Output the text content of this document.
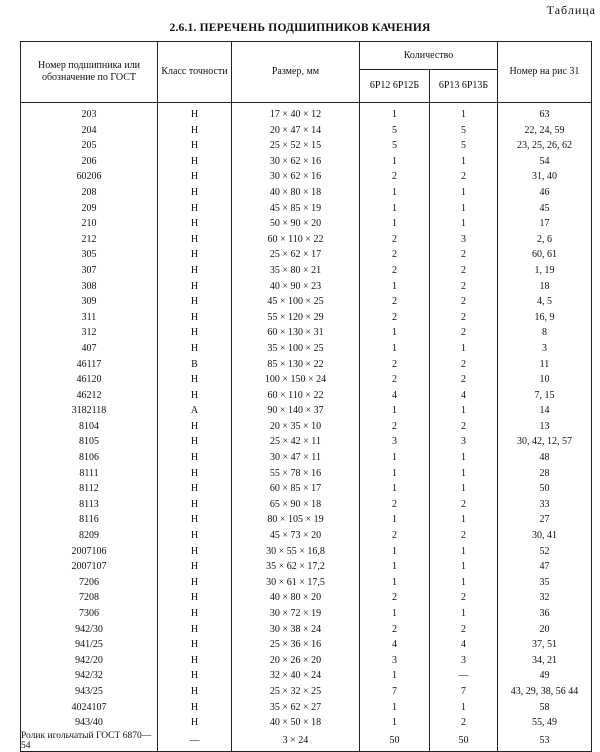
Таблица
2.6.1. ПЕРЕЧЕНЬ ПОДШИПНИКОВ КАЧЕНИЯ
Номер подшипника или обозначение по ГОСТ	Класс точности	Размер, мм	Количество		Номер на рис 31
			6Р12 6Р12Б	6Р13 6Р13Б	
203	Н	17 × 40 × 12	1	1	63
204	Н	20 × 47 × 14	5	5	22, 24, 59
205	Н	25 × 52 × 15	5	5	23, 25, 26, 62
206	Н	30 × 62 × 16	1	1	54
60206	Н	30 × 62 × 16	2	2	31, 40
208	Н	40 × 80 × 18	1	1	46
209	Н	45 × 85 × 19	1	1	45
210	Н	50 × 90 × 20	1	1	17
212	Н	60 × 110 × 22	2	3	2, 6
305	Н	25 × 62 × 17	2	2	60, 61
307	Н	35 × 80 × 21	2	2	1, 19
308	Н	40 × 90 × 23	1	2	18
309	Н	45 × 100 × 25	2	2	4, 5
311	Н	55 × 120 × 29	2	2	16, 9
312	Н	60 × 130 × 31	1	2	8
407	Н	35 × 100 × 25	1	1	3
46117	В	85 × 130 × 22	2	2	11
46120	Н	100 × 150 × 24	2	2	10
46212	Н	60 × 110 × 22	4	4	7, 15
3182118	А	90 × 140 × 37	1	1	14
8104	Н	20 × 35 × 10	2	2	13
8105	Н	25 × 42 × 11	3	3	30, 42, 12, 57
8106	Н	30 × 47 × 11	1	1	48
8111	Н	55 × 78 × 16	1	1	28
8112	Н	60 × 85 × 17	1	1	50
8113	Н	65 × 90 × 18	2	2	33
8116	Н	80 × 105 × 19	1	1	27
8209	Н	45 × 73 × 20	2	2	30, 41
2007106	Н	30 × 55 × 16,8	1	1	52
2007107	Н	35 × 62 × 17,2	1	1	47
7206	Н	30 × 61 × 17,5	1	1	35
7208	Н	40 × 80 × 20	2	2	32
7306	Н	30 × 72 × 19	1	1	36
942/30	Н	30 × 38 × 24	2	2	20
941/25	Н	25 × 36 × 16	4	4	37, 51
942/20	Н	20 × 26 × 20	3	3	34, 21
942/32	Н	32 × 40 × 24	1	—	49
943/25	Н	25 × 32 × 25	7	7	43, 29, 38, 56 44
4024107	Н	35 × 62 × 27	1	1	58
943/40	Н	40 × 50 × 18	1	2	55, 49
Ролик игольчатый ГОСТ 6870—54	—	3 × 24	50	50	53
